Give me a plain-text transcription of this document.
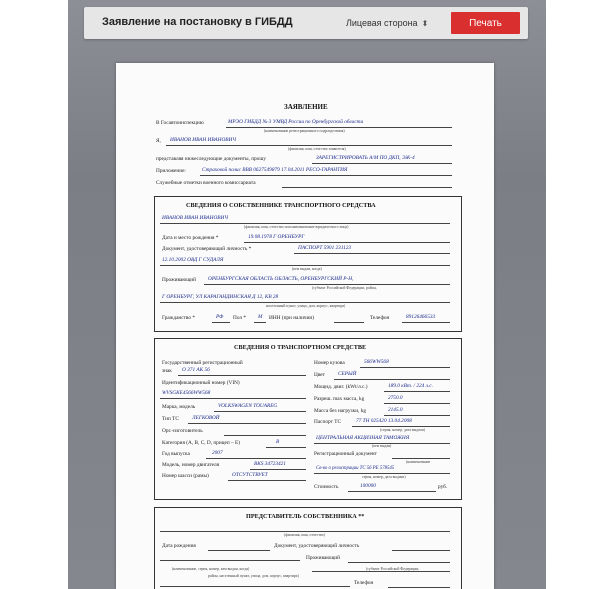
Заявление на постановку в ГИБДД	Лицевая сторона ⬍	Печать
ЗАЯВЛЕНИЕ
В Госавтоинспекцию	МРЭО ГИБДД № 3 УМВД России по Оренбургской области
(наименование регистрационного подразделения)
Я, ИВАНОВ ИВАН ИВАНОВИЧ
(фамилия, имя, отчество заявителя)
представляя нижеследующие документы, прошу	ЗАРЕГИСТРИРОВАТЬ А/М ПО ДКП, ЭЖ-4
Приложение:	Страховой полис ВВВ 0627549879 17.04.2011 РЕСО-ГАРАНТИЯ
Служебные отметки военного комиссариата
СВЕДЕНИЯ О СОБСТВЕННИКЕ ТРАНСПОРТНОГО СРЕДСТВА
ИВАНОВ ИВАН ИВАНОВИЧ
(фамилия, имя, отчество или наименование юридического лица)
Дата и место рождения *	19.08.1978 Г ОРЕНБУРГ
Документ, удостоверяющий личность *	ПАСПОРТ 5901 231123
12.10.2002 ОВД Г СУДАЛЯ
(кем выдан, когда)
Проживающий ОРЕНБУРГСКАЯ ОБЛАСТЬ ОБЛАСТЬ, ОРЕНБУРГСКИЙ Р-Н,
(субъект Российской Федерации, район,
Г ОРЕНБУРГ, УЛ КАРАГАНДИНСКАЯ Д 12, КВ 28
населенный пункт, улица, дом, корпус, квартира)
Гражданство *	РФ Пол * М ИНН (при наличии)	Телефон	89126466533
СВЕДЕНИЯ О ТРАНСПОРТНОМ СРЕДСТВЕ
Государственный регистрационный
знак О 371 АК 56
Идентификационный номер (VIN)
WVSGKE4566WW568
Марка, модель	VOLKSWAGEN TOUAREG
Тип ТС ЛЕГКОВОЙ
Орг.-изготовитель
Категория (A, B, C, D, прицеп – E)	B
Год выпуска	2007
Модель, номер двигателя	BKS 34723421
Номер шасси (рамы)	ОТСУТСТВУЕТ
Номер кузова	566WW568
Цвет СЕРЫЙ
Мощнд. двиг. (kWt/л.с.)	189.0 кВт. / 224 л.с.
Разреш. max масса, kg	2750.0
Масса без нагрузки, kg	2145.0
Паспорт ТС	77 ТН 025420 13.04.2008
(серия, номер, дата выдачи)
ЦЕНТРАЛЬНАЯ АКЦИЗНАЯ ТАМОЖНЯ
(кем выдан)
Регистрационный документ
(наименование
Св-во о регистрации ТС 56 РЕ 578545
серия, номер, дата выдачи)
Стоимость	100000	руб.
ПРЕДСТАВИТЕЛЬ СОБСТВЕННИКА **
(фамилия, имя, отчество)
Дата рождения	Документ, удостоверяющий личность
Проживающий
(наименование, серия, номер, кем выдан, когда)	(субъект Российской Федерации,
район, населенный пункт, улица, дом, корпус, квартира)
Телефон
